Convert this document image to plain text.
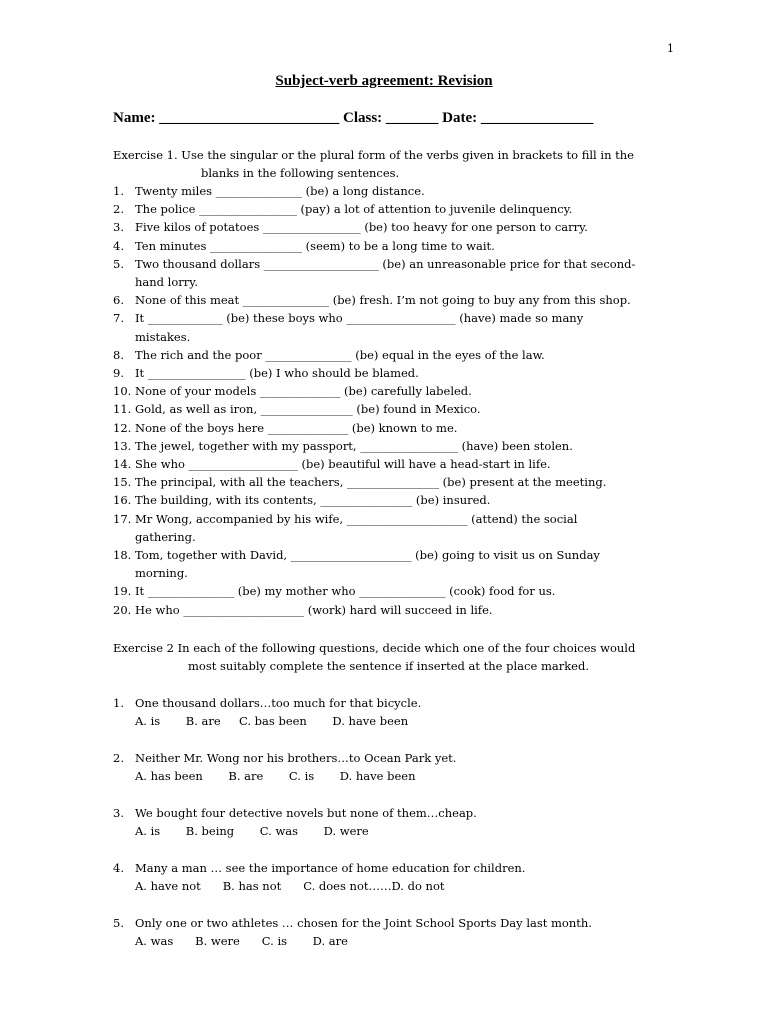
1
Subject-verb agreement: Revision
Name: ________________________ Class: _______ Date: _______________
Exercise 1. Use the singular or the plural form of the verbs given in brackets to fill in the
blanks in the following sentences.
1. Twenty miles _______________ (be) a long distance.
2. The police _________________ (pay) a lot of attention to juvenile delinquency.
3. Five kilos of potatoes _________________ (be) too heavy for one person to carry.
4. Ten minutes ________________ (seem) to be a long time to wait.
5. Two thousand dollars ____________________ (be) an unreasonable price for that second-
hand lorry.
6. None of this meat _______________ (be) fresh. I’m not going to buy any from this shop.
7. It _____________ (be) these boys who ___________________ (have) made so many
mistakes.
8. The rich and the poor _______________ (be) equal in the eyes of the law.
9. It _________________ (be) I who should be blamed.
10. None of your models ______________ (be) carefully labeled.
11. Gold, as well as iron, ________________ (be) found in Mexico.
12. None of the boys here ______________ (be) known to me.
13. The jewel, together with my passport, _________________ (have) been stolen.
14. She who ___________________ (be) beautiful will have a head-start in life.
15. The principal, with all the teachers, ________________ (be) present at the meeting.
16. The building, with its contents, ________________ (be) insured.
17. Mr Wong, accompanied by his wife, _____________________ (attend) the social
gathering.
18. Tom, together with David, _____________________ (be) going to visit us on Sunday
morning.
19. It _______________ (be) my mother who _______________ (cook) food for us.
20. He who _____________________ (work) hard will succeed in life.
Exercise 2 In each of the following questions, decide which one of the four choices would
most suitably complete the sentence if inserted at the place marked.
1. One thousand dollars…too much for that bicycle.
A. is       B. are     C. bas been       D. have been
2. Neither Mr. Wong nor his brothers…to Ocean Park yet.
A. has been       B. are       C. is       D. have been
3. We bought four detective novels but none of them…cheap.
A. is       B. being       C. was       D. were
4. Many a man … see the importance of home education for children.
A. have not      B. has not      C. does not……D. do not
5. Only one or two athletes … chosen for the Joint School Sports Day last month.
A. was      B. were      C. is       D. are
